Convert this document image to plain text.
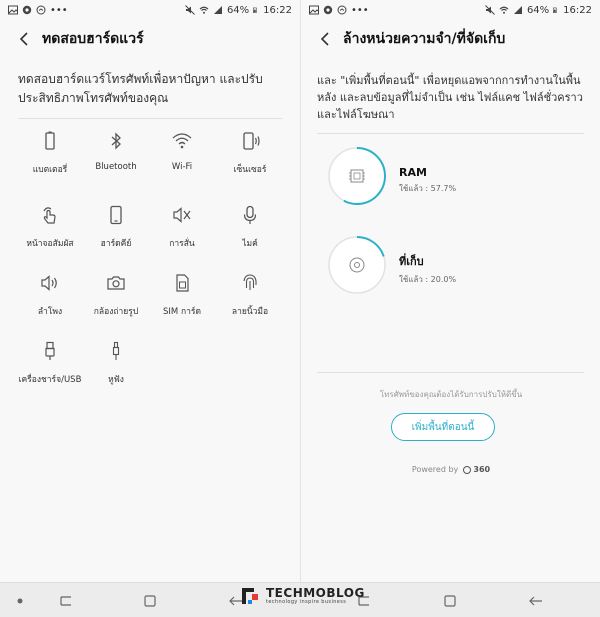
•••	64% 16:22
ทดสอบฮาร์ดแวร์
ทดสอบฮาร์ดแวร์โทรศัพท์เพื่อหาปัญหา และปรับประสิทธิภาพโทรศัพท์ของคุณ
แบตเตอรี่	Bluetooth	Wi-Fi	เซ็นเซอร์
หน้าจอสัมผัส	ฮาร์ดคีย์	การสั่น	ไมค์
ลำโพง	กล้องถ่ายรูป	SIM การ์ด	ลายนิ้วมือ
เครื่องชาร์จ/USB	หูฟัง
•••	64% 16:22
ล้างหน่วยความจำ/ที่จัดเก็บ
และ "เพิ่มพื้นที่ตอนนี้" เพื่อหยุดแอพจากการทำงานในพื้นหลัง และลบข้อมูลที่ไม่จำเป็น เช่น ไฟล์แคช ไฟล์ชั่วคราว และไฟล์โฆษณา
RAM
ใช้แล้ว : 57.7%
ที่เก็บ
ใช้แล้ว : 20.0%
โทรศัพท์ของคุณต้องได้รับการปรับให้ดีขึ้น
เพิ่มพื้นที่ตอนนี้
Powered by 360
TECHMOBLOG
technology inspire business
